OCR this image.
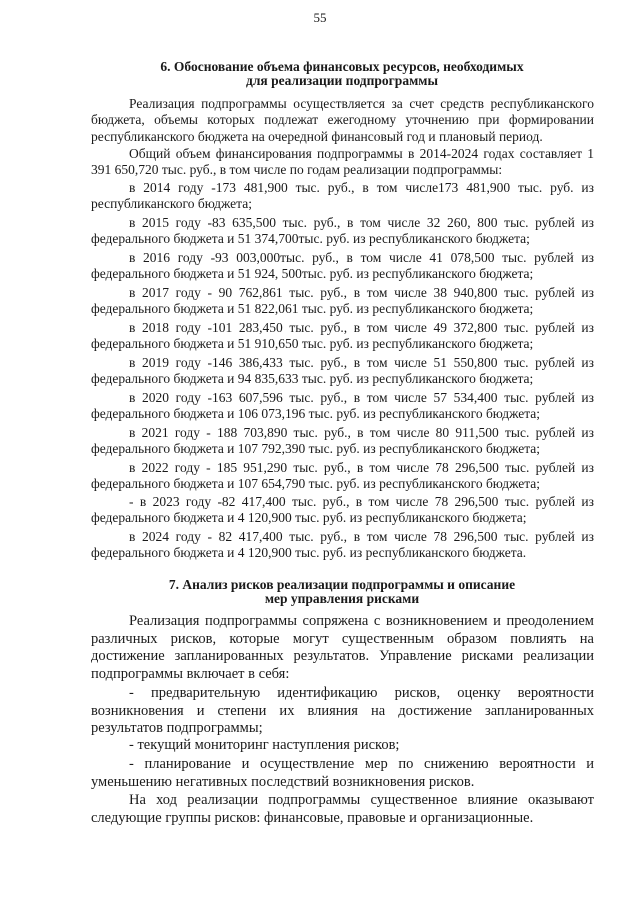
55
6. Обоснование объема финансовых ресурсов, необходимых
для реализации подпрограммы
Реализация подпрограммы осуществляется за счет средств республиканского бюджета, объемы которых подлежат ежегодному уточнению при формировании республиканского бюджета на очередной финансовый год и плановый период.
Общий объем финансирования подпрограммы в 2014-2024 годах составляет 1 391 650,720 тыс. руб., в том числе по годам реализации подпрограммы:
в 2014 году -173 481,900 тыс. руб., в том числе173 481,900 тыс. руб. из республиканского бюджета;
в 2015 году -83 635,500 тыс. руб., в том числе 32 260, 800 тыс. рублей из федерального бюджета и 51 374,700тыс. руб. из республиканского бюджета;
в 2016 году -93 003,000тыс. руб., в том числе 41 078,500 тыс. рублей из федерального бюджета и 51 924, 500тыс. руб. из республиканского бюджета;
в 2017 году - 90 762,861 тыс. руб., в том числе 38 940,800 тыс. рублей из федерального бюджета и 51 822,061 тыс. руб. из республиканского бюджета;
в 2018 году -101 283,450 тыс. руб., в том числе 49 372,800 тыс. рублей из федерального бюджета и 51 910,650 тыс. руб. из республиканского бюджета;
в 2019 году -146 386,433 тыс. руб., в том числе 51 550,800 тыс. рублей из федерального бюджета и 94 835,633 тыс. руб. из республиканского бюджета;
в 2020 году -163 607,596 тыс. руб., в том числе 57 534,400 тыс. рублей из федерального бюджета и 106 073,196 тыс. руб. из республиканского бюджета;
в 2021 году - 188 703,890 тыс. руб., в том числе 80 911,500 тыс. рублей из федерального бюджета и 107 792,390 тыс. руб. из республиканского бюджета;
в 2022 году - 185 951,290 тыс. руб., в том числе 78 296,500 тыс. рублей из федерального бюджета и 107 654,790 тыс. руб. из республиканского бюджета;
- в 2023 году -82 417,400 тыс. руб., в том числе 78 296,500 тыс. рублей из федерального бюджета и 4 120,900 тыс. руб. из республиканского бюджета;
в 2024 году - 82 417,400 тыс. руб., в том числе 78 296,500 тыс. рублей из федерального бюджета и 4 120,900 тыс. руб. из республиканского бюджета.
7. Анализ рисков реализации подпрограммы и описание
мер управления рисками
Реализация подпрограммы сопряжена с возникновением и преодолением различных рисков, которые могут существенным образом повлиять на достижение запланированных результатов. Управление рисками реализации подпрограммы включает в себя:
- предварительную идентификацию рисков, оценку вероятности возникновения и степени их влияния на достижение запланированных результатов подпрограммы;
- текущий мониторинг наступления рисков;
- планирование и осуществление мер по снижению вероятности и уменьшению негативных последствий возникновения рисков.
На ход реализации подпрограммы существенное влияние оказывают следующие группы рисков: финансовые, правовые и организационные.
